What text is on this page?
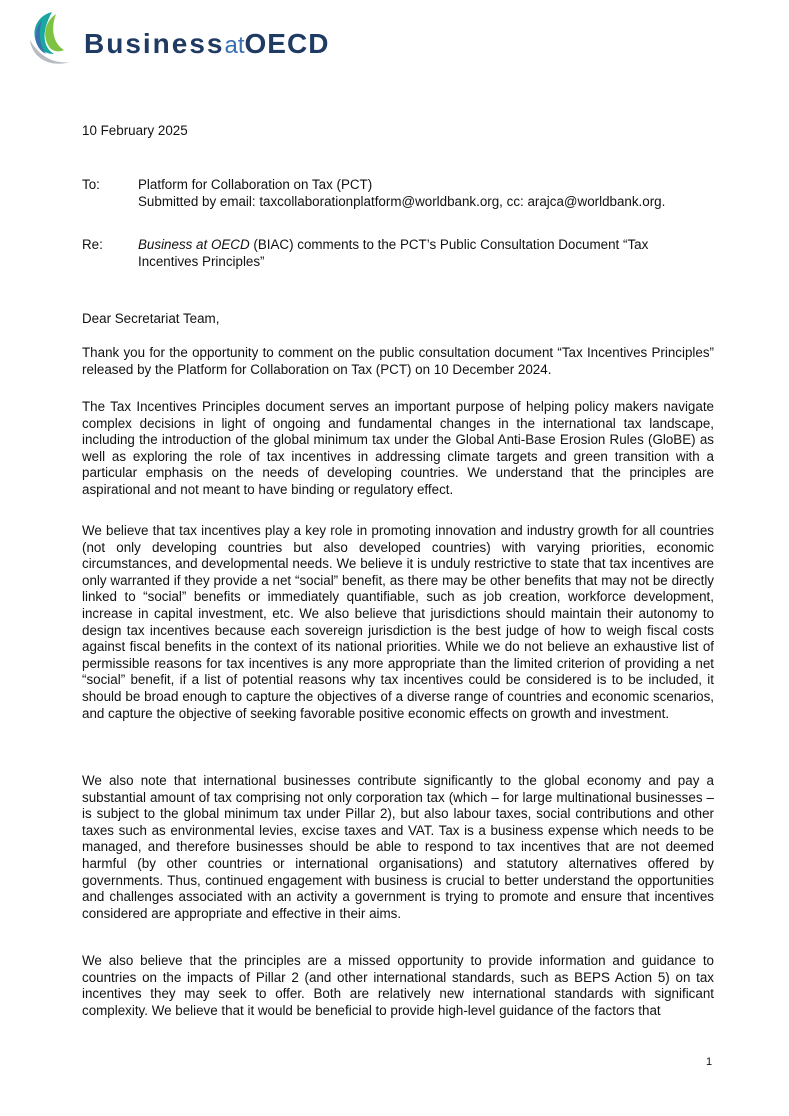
BusinessatOECD
10 February 2025
To:	Platform for Collaboration on Tax (PCT)
Submitted by email: taxcollaborationplatform@worldbank.org, cc: arajca@worldbank.org.
Re:	Business at OECD (BIAC) comments to the PCT’s Public Consultation Document “Tax Incentives Principles”
Dear Secretariat Team,
Thank you for the opportunity to comment on the public consultation document “Tax Incentives Principles” released by the Platform for Collaboration on Tax (PCT) on 10 December 2024.
The Tax Incentives Principles document serves an important purpose of helping policy makers navigate complex decisions in light of ongoing and fundamental changes in the international tax landscape, including the introduction of the global minimum tax under the Global Anti-Base Erosion Rules (GloBE) as well as exploring the role of tax incentives in addressing climate targets and green transition with a particular emphasis on the needs of developing countries. We understand that the principles are aspirational and not meant to have binding or regulatory effect.
We believe that tax incentives play a key role in promoting innovation and industry growth for all countries (not only developing countries but also developed countries) with varying priorities, economic circumstances, and developmental needs. We believe it is unduly restrictive to state that tax incentives are only warranted if they provide a net “social” benefit, as there may be other benefits that may not be directly linked to “social” benefits or immediately quantifiable, such as job creation, workforce development, increase in capital investment, etc. We also believe that jurisdictions should maintain their autonomy to design tax incentives because each sovereign jurisdiction is the best judge of how to weigh fiscal costs against fiscal benefits in the context of its national priorities. While we do not believe an exhaustive list of permissible reasons for tax incentives is any more appropriate than the limited criterion of providing a net “social” benefit, if a list of potential reasons why tax incentives could be considered is to be included, it should be broad enough to capture the objectives of a diverse range of countries and economic scenarios, and capture the objective of seeking favorable positive economic effects on growth and investment.
We also note that international businesses contribute significantly to the global economy and pay a substantial amount of tax comprising not only corporation tax (which – for large multinational businesses – is subject to the global minimum tax under Pillar 2), but also labour taxes, social contributions and other taxes such as environmental levies, excise taxes and VAT. Tax is a business expense which needs to be managed, and therefore businesses should be able to respond to tax incentives that are not deemed harmful (by other countries or international organisations) and statutory alternatives offered by governments. Thus, continued engagement with business is crucial to better understand the opportunities and challenges associated with an activity a government is trying to promote and ensure that incentives considered are appropriate and effective in their aims.
We also believe that the principles are a missed opportunity to provide information and guidance to countries on the impacts of Pillar 2 (and other international standards, such as BEPS Action 5) on tax incentives they may seek to offer. Both are relatively new international standards with significant complexity. We believe that it would be beneficial to provide high-level guidance of the factors that
1
